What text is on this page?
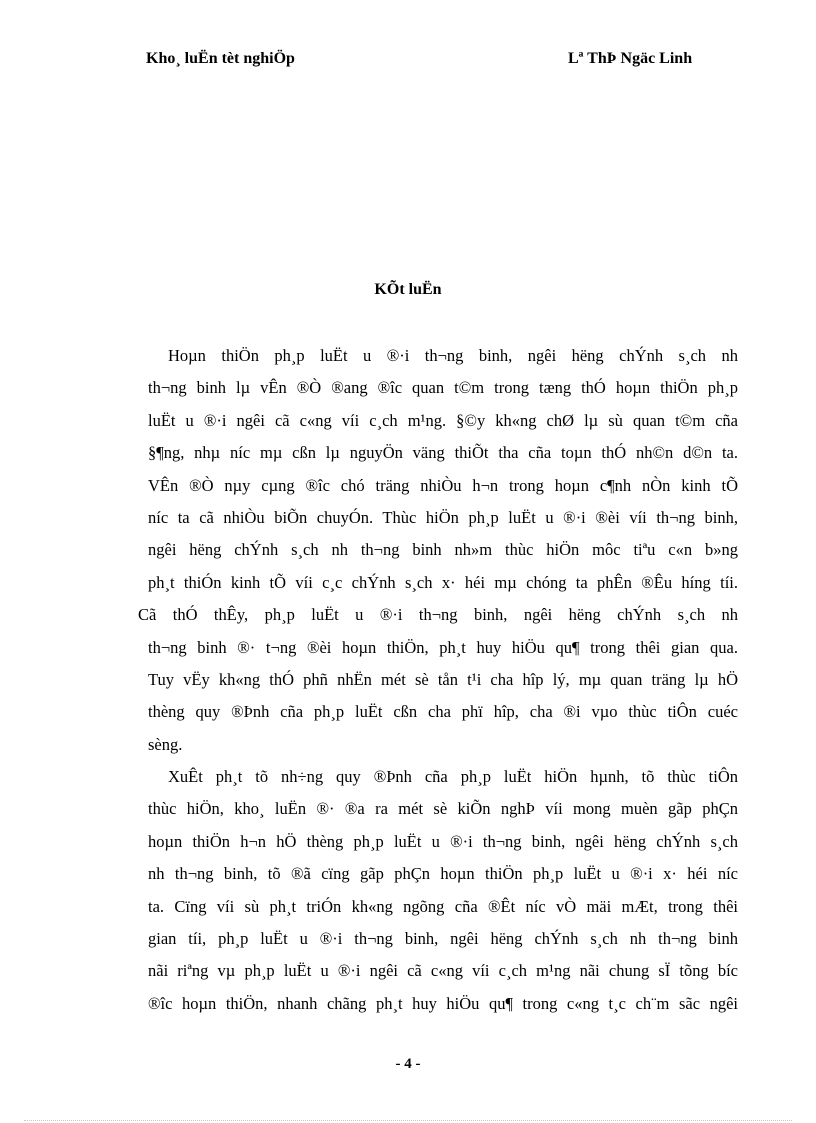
Kho¸ luËn tèt nghiÖp	Lª ThÞ Ngäc Linh
KÕt luËn
Hoµn thiÖn ph¸p luËt u ®·i th¬ng binh, ngêi hëng chÝnh s¸ch nh
th¬ng binh lµ vÊn ®Ò ®ang ®îc quan t©m trong tæng thÓ hoµn thiÖn ph¸p
luËt u ®·i ngêi cã c«ng víi c¸ch m¹ng. §©y kh«ng chØ lµ sù quan t©m cña
§¶ng, nhµ níc mµ cßn lµ nguyÖn väng thiÕt tha cña toµn thÓ nh©n d©n ta.
VÊn ®Ò nµy cµng ®îc chó träng nhiÒu h¬n trong hoµn c¶nh nÒn kinh tÕ
níc ta cã nhiÒu biÕn chuyÓn. Thùc hiÖn ph¸p luËt u ®·i ®èi víi th¬ng binh,
ngêi hëng chÝnh s¸ch nh th¬ng binh nh»m thùc hiÖn môc tiªu c«n b»ng
ph¸t thiÓn kinh tÕ víi c¸c chÝnh s¸ch x· héi mµ chóng ta phÊn ®Êu híng tíi.
Cã thÓ thÊy, ph¸p luËt u ®·i th¬ng binh, ngêi hëng chÝnh s¸ch nh
th¬ng binh ®· t¬ng ®èi hoµn thiÖn, ph¸t huy hiÖu qu¶ trong thêi gian qua.
Tuy vËy kh«ng thÓ phñ nhËn mét sè tån t¹i cha hîp lý, mµ quan träng lµ hÖ
thèng quy ®Þnh cña ph¸p luËt cßn cha phï hîp, cha ®i vµo thùc tiÔn cuéc
sèng.
XuÊt ph¸t tõ nh÷ng quy ®Þnh cña ph¸p luËt hiÖn hµnh, tõ thùc tiÔn
thùc hiÖn, kho¸ luËn ®· ®a ra mét sè kiÕn nghÞ víi mong muèn gãp phÇn
hoµn thiÖn h¬n hÖ thèng ph¸p luËt u ®·i th¬ng binh, ngêi hëng chÝnh s¸ch
nh th¬ng binh, tõ ®ã cïng gãp phÇn hoµn thiÖn ph¸p luËt u ®·i x· héi níc
ta. Cïng víi sù ph¸t triÓn kh«ng ngõng cña ®Êt níc vÒ mäi mÆt, trong thêi
gian tíi, ph¸p luËt u ®·i th¬ng binh, ngêi hëng chÝnh s¸ch nh th¬ng binh
nãi riªng vµ ph¸p luËt u ®·i ngêi cã c«ng víi c¸ch m¹ng nãi chung sÏ tõng bíc
®îc hoµn thiÖn, nhanh chãng ph¸t huy hiÖu qu¶ trong c«ng t¸c ch¨m sãc ngêi
- 4 -
